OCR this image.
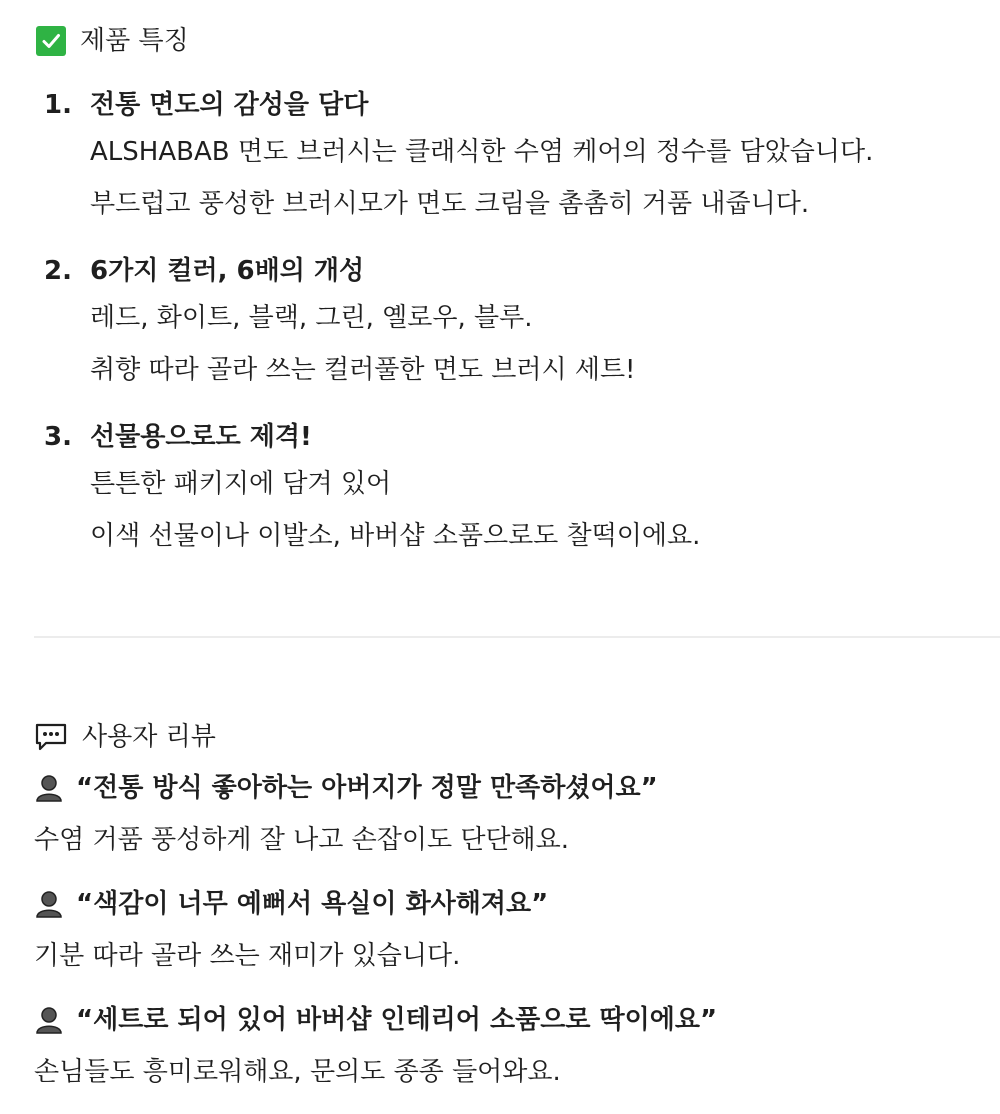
제품 특징
1. 전통 면도의 감성을 담다
ALSHABAB 면도 브러시는 클래식한 수염 케어의 정수를 담았습니다.
부드럽고 풍성한 브러시모가 면도 크림을 촘촘히 거품 내줍니다.
2. 6가지 컬러, 6배의 개성
레드, 화이트, 블랙, 그린, 옐로우, 블루.
취향 따라 골라 쓰는 컬러풀한 면도 브러시 세트!
3. 선물용으로도 제격!
튼튼한 패키지에 담겨 있어
이색 선물이나 이발소, 바버샵 소품으로도 찰떡이에요.
사용자 리뷰
“전통 방식 좋아하는 아버지가 정말 만족하셨어요”
수염 거품 풍성하게 잘 나고 손잡이도 단단해요.
“색감이 너무 예뻐서 욕실이 화사해져요”
기분 따라 골라 쓰는 재미가 있습니다.
“세트로 되어 있어 바버샵 인테리어 소품으로 딱이에요”
손님들도 흥미로워해요, 문의도 종종 들어와요.
